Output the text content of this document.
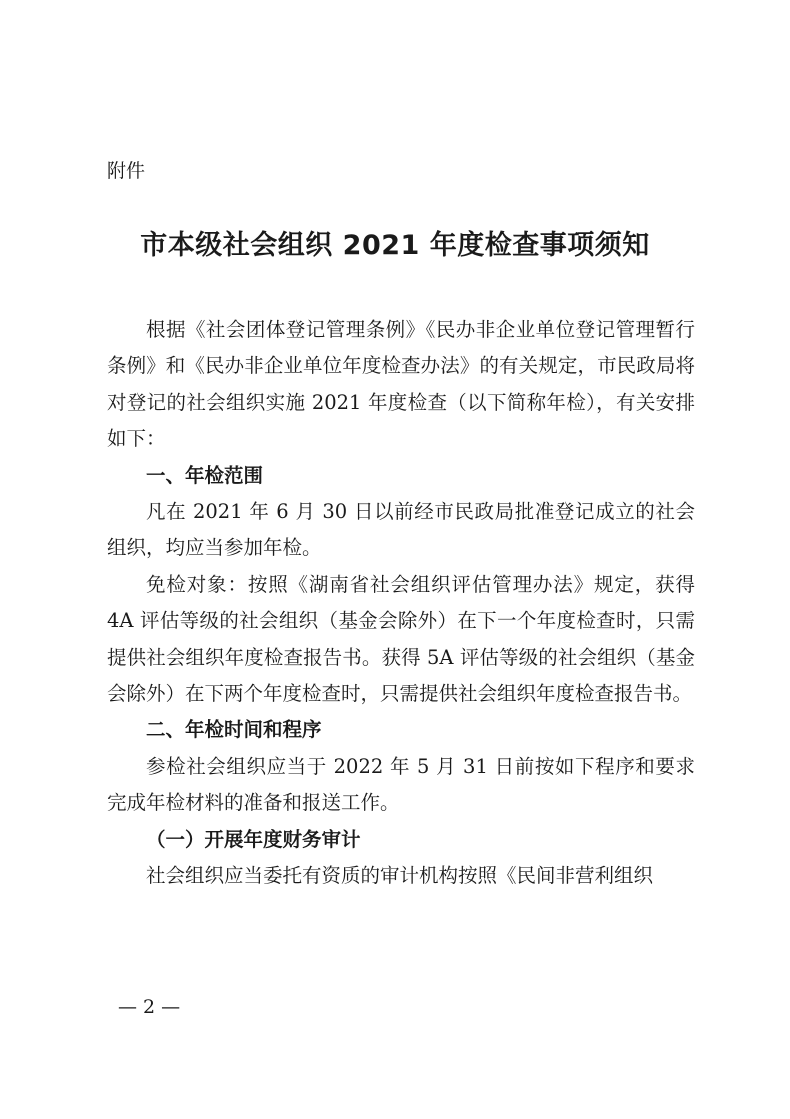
附件
市本级社会组织 2021 年度检查事项须知

根据《社会团体登记管理条例》《民办非企业单位登记管理暂行条例》和《民办非企业单位年度检查办法》的有关规定，市民政局将对登记的社会组织实施 2021 年度检查（以下简称年检），有关安排如下：

一、年检范围

凡在 2021 年 6 月 30 日以前经市民政局批准登记成立的社会组织，均应当参加年检。

免检对象：按照《湖南省社会组织评估管理办法》规定，获得 4A 评估等级的社会组织（基金会除外）在下一个年度检查时，只需提供社会组织年度检查报告书。获得 5A 评估等级的社会组织（基金会除外）在下两个年度检查时，只需提供社会组织年度检查报告书。

二、年检时间和程序

参检社会组织应当于 2022 年 5 月 31 日前按如下程序和要求完成年检材料的准备和报送工作。

（一）开展年度财务审计

社会组织应当委托有资质的审计机构按照《民间非营利组织

— 2 —
